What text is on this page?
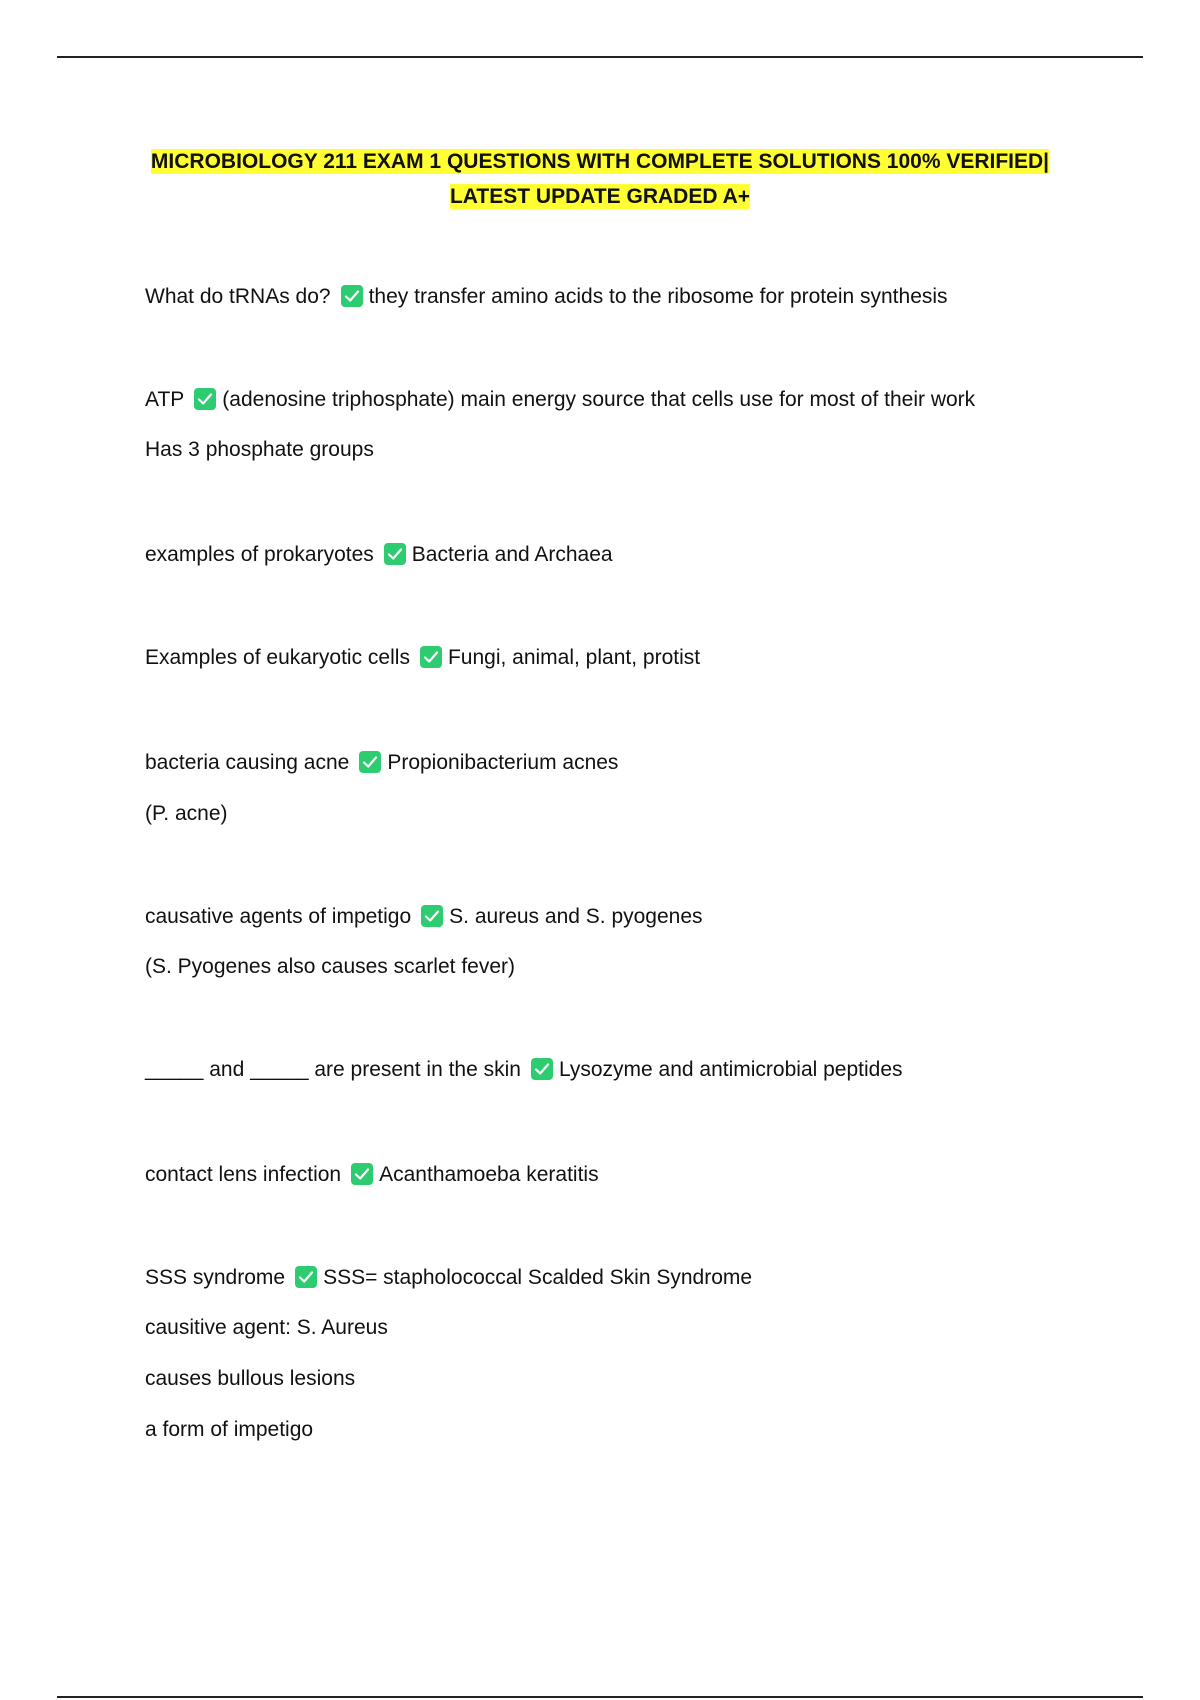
MICROBIOLOGY 211 EXAM 1 QUESTIONS WITH COMPLETE SOLUTIONS 100% VERIFIED|
LATEST UPDATE GRADED A+
What do tRNAs do? they transfer amino acids to the ribosome for protein synthesis
ATP (adenosine triphosphate) main energy source that cells use for most of their work
Has 3 phosphate groups
examples of prokaryotes Bacteria and Archaea
Examples of eukaryotic cells Fungi, animal, plant, protist
bacteria causing acne Propionibacterium acnes
(P. acne)
causative agents of impetigo S. aureus and S. pyogenes
(S. Pyogenes also causes scarlet fever)
_____ and _____ are present in the skin Lysozyme and antimicrobial peptides
contact lens infection Acanthamoeba keratitis
SSS syndrome SSS= stapholococcal Scalded Skin Syndrome
causitive agent: S. Aureus
causes bullous lesions
a form of impetigo
